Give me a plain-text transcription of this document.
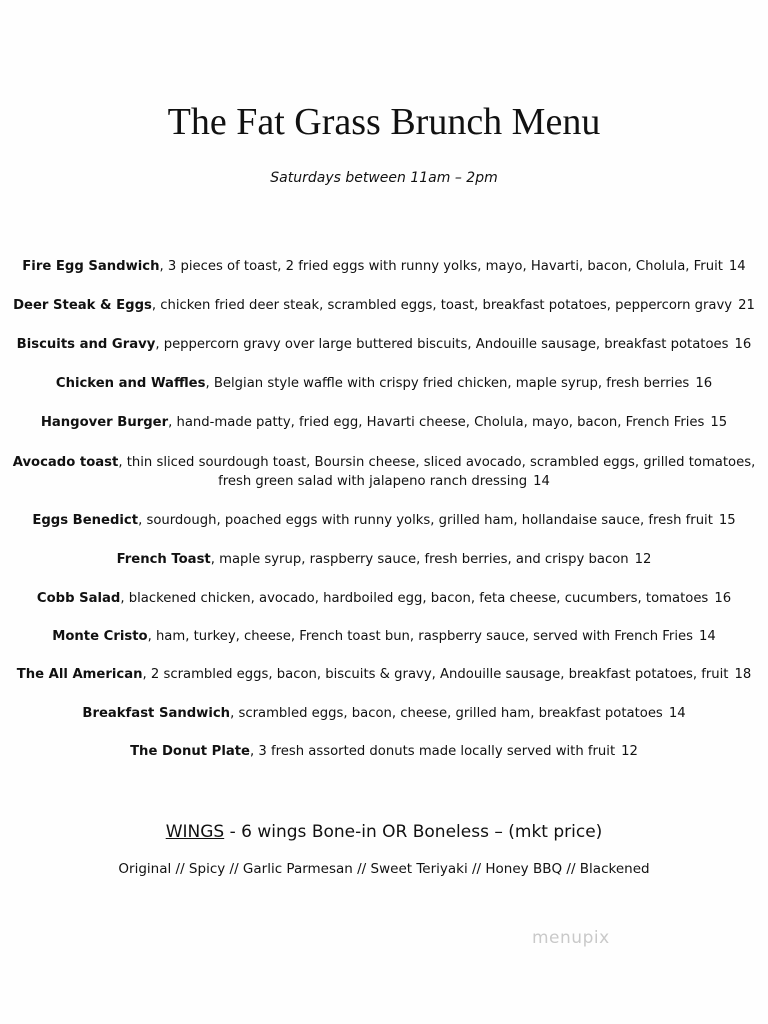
The Fat Grass Brunch Menu
Saturdays between 11am – 2pm
Fire Egg Sandwich, 3 pieces of toast, 2 fried eggs with runny yolks, mayo, Havarti, bacon, Cholula, Fruit 14
Deer Steak & Eggs, chicken fried deer steak, scrambled eggs, toast, breakfast potatoes, peppercorn gravy 21
Biscuits and Gravy, peppercorn gravy over large buttered biscuits, Andouille sausage, breakfast potatoes 16
Chicken and Waffles, Belgian style waffle with crispy fried chicken, maple syrup, fresh berries 16
Hangover Burger, hand-made patty, fried egg, Havarti cheese, Cholula, mayo, bacon, French Fries 15
Avocado toast, thin sliced sourdough toast, Boursin cheese, sliced avocado, scrambled eggs, grilled tomatoes, fresh green salad with jalapeno ranch dressing 14
Eggs Benedict, sourdough, poached eggs with runny yolks, grilled ham, hollandaise sauce, fresh fruit 15
French Toast, maple syrup, raspberry sauce, fresh berries, and crispy bacon 12
Cobb Salad, blackened chicken, avocado, hardboiled egg, bacon, feta cheese, cucumbers, tomatoes 16
Monte Cristo, ham, turkey, cheese, French toast bun, raspberry sauce, served with French Fries 14
The All American, 2 scrambled eggs, bacon, biscuits & gravy, Andouille sausage, breakfast potatoes, fruit 18
Breakfast Sandwich, scrambled eggs, bacon, cheese, grilled ham, breakfast potatoes 14
The Donut Plate, 3 fresh assorted donuts made locally served with fruit 12
WINGS - 6 wings Bone-in OR Boneless – (mkt price)
Original // Spicy // Garlic Parmesan // Sweet Teriyaki // Honey BBQ // Blackened
menupix
